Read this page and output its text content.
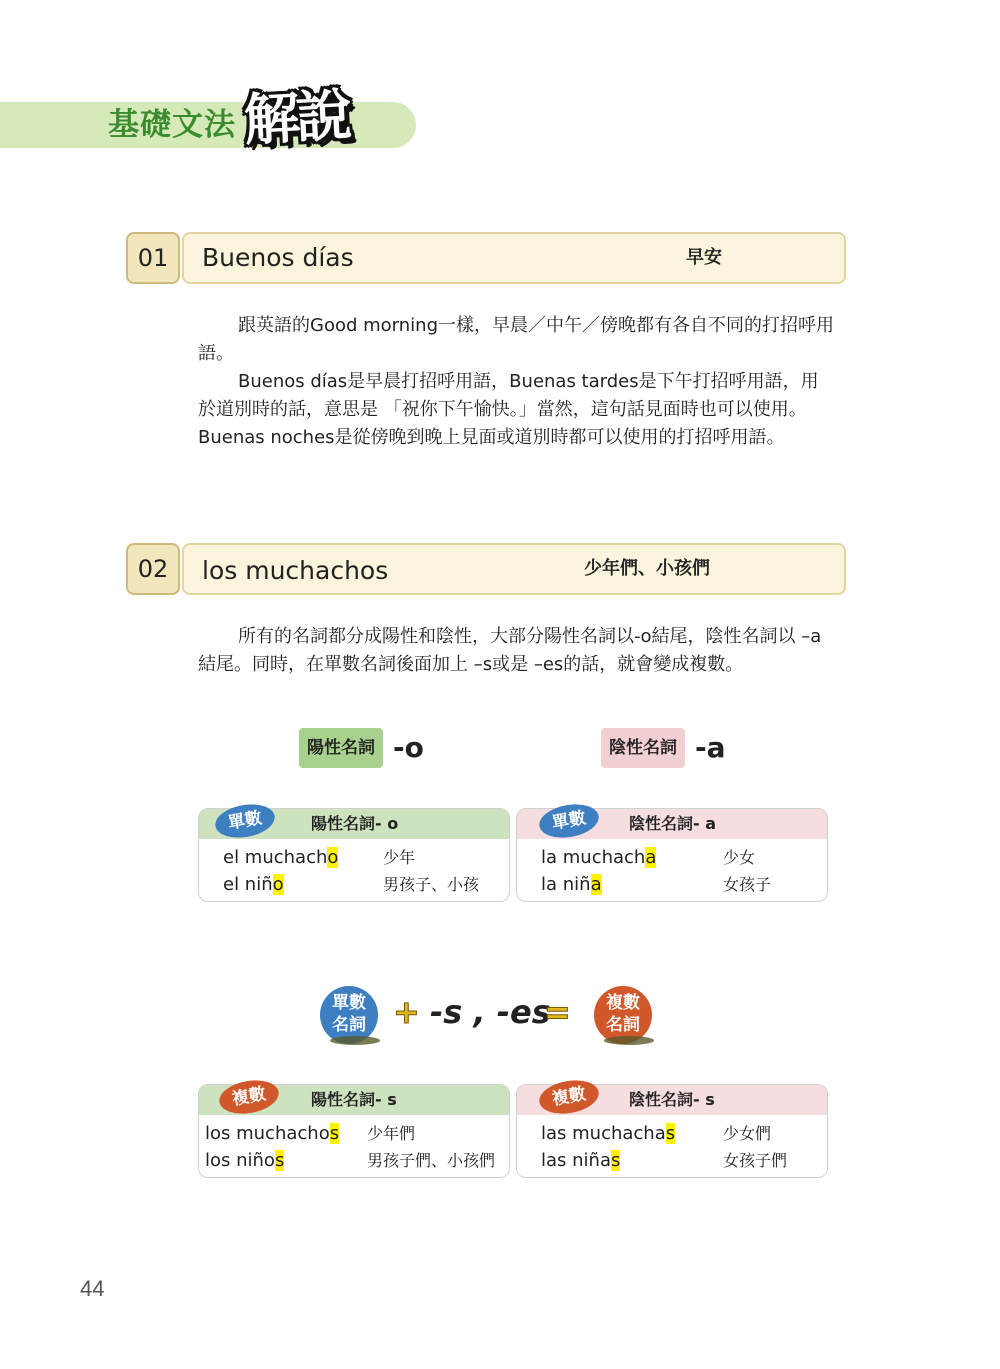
基礎文法 解說
01	Buenos días	早安

跟英語的Good morning一樣，早晨／中午／傍晚都有各自不同的打招呼用語。

Buenos días是早晨打招呼用語，Buenas tardes是下午打招呼用語，用於道別時的話，意思是 「祝你下午愉快。」當然，這句話見面時也可以使用。Buenas noches是從傍晚到晚上見面或道別時都可以使用的打招呼用語。

02	los muchachos	少年們、小孩們

所有的名詞都分成陽性和陰性，大部分陽性名詞以-o結尾，陰性名詞以 –a結尾。同時，在單數名詞後面加上 –s或是 –es的話，就會變成複數。

陽性名詞 -o	陰性名詞 -a
單數	陽性名詞- o
el muchacho	少年
el niño	男孩子、小孩
單數	陰性名詞- a
la muchacha	少女
la niña	女孩子
單數
名詞 + -s , -es
=	複數
名詞
複數	陽性名詞- s
los muchachos 少年們
los niños	男孩子們、小孩們
複數	陰性名詞- s
las muchachas	少女們
las niñas	女孩子們
44
